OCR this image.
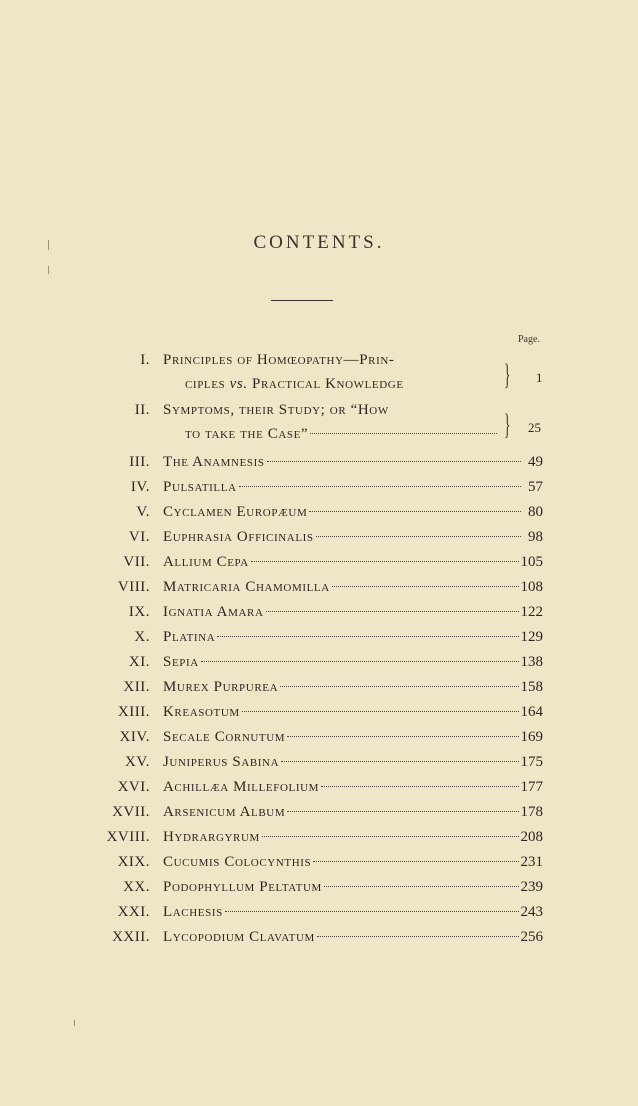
CONTENTS.
Page.
I. Principles of Homœopathy—Prin-
ciples vs. Practical Knowledge	} 1
II. Symptoms, their Study; or “How
to take the Case”	} 25
III. The Anamnesis	49
IV. Pulsatilla	57
V. Cyclamen Europæum	80
VI. Euphrasia Officinalis	98
VII. Allium Cepa	105
VIII. Matricaria Chamomilla	108
IX. Ignatia Amara	122
X. Platina	129
XI. Sepia	138
XII. Murex Purpurea	158
XIII. Kreasotum	164
XIV. Secale Cornutum	169
XV. Juniperus Sabina	175
XVI. Achillæa Millefolium	177
XVII. Arsenicum Album	178
XVIII. Hydrargyrum	208
XIX. Cucumis Colocynthis	231
XX. Podophyllum Peltatum	239
XXI. Lachesis	243
XXII. Lycopodium Clavatum	256
